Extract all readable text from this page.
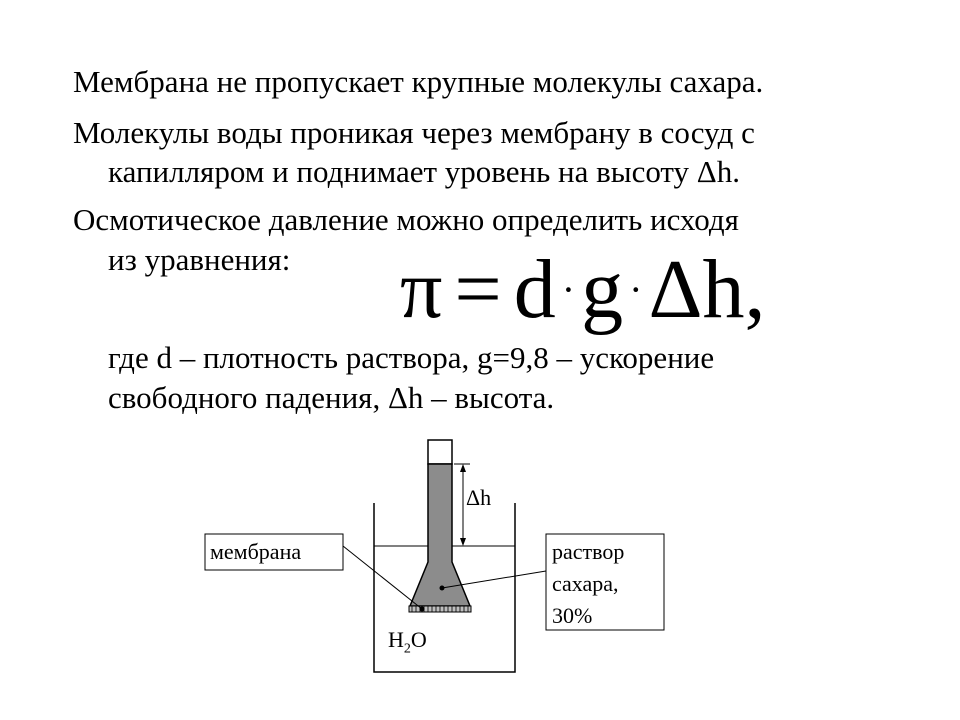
Мембрана не пропускает крупные молекулы сахара.

Молекулы воды проникая через мембрану в сосуд с

капилляром и поднимает уровень на высоту Δh.

Осмотическое давление можно определить исходя

из уравнения: π = d ·g ·Δh,

где d – плотность раствора, g=9,8 – ускорение

свободного падения, Δh – высота.

мембрана	раствор
сахара,
30%
Δh
$H_2O$
